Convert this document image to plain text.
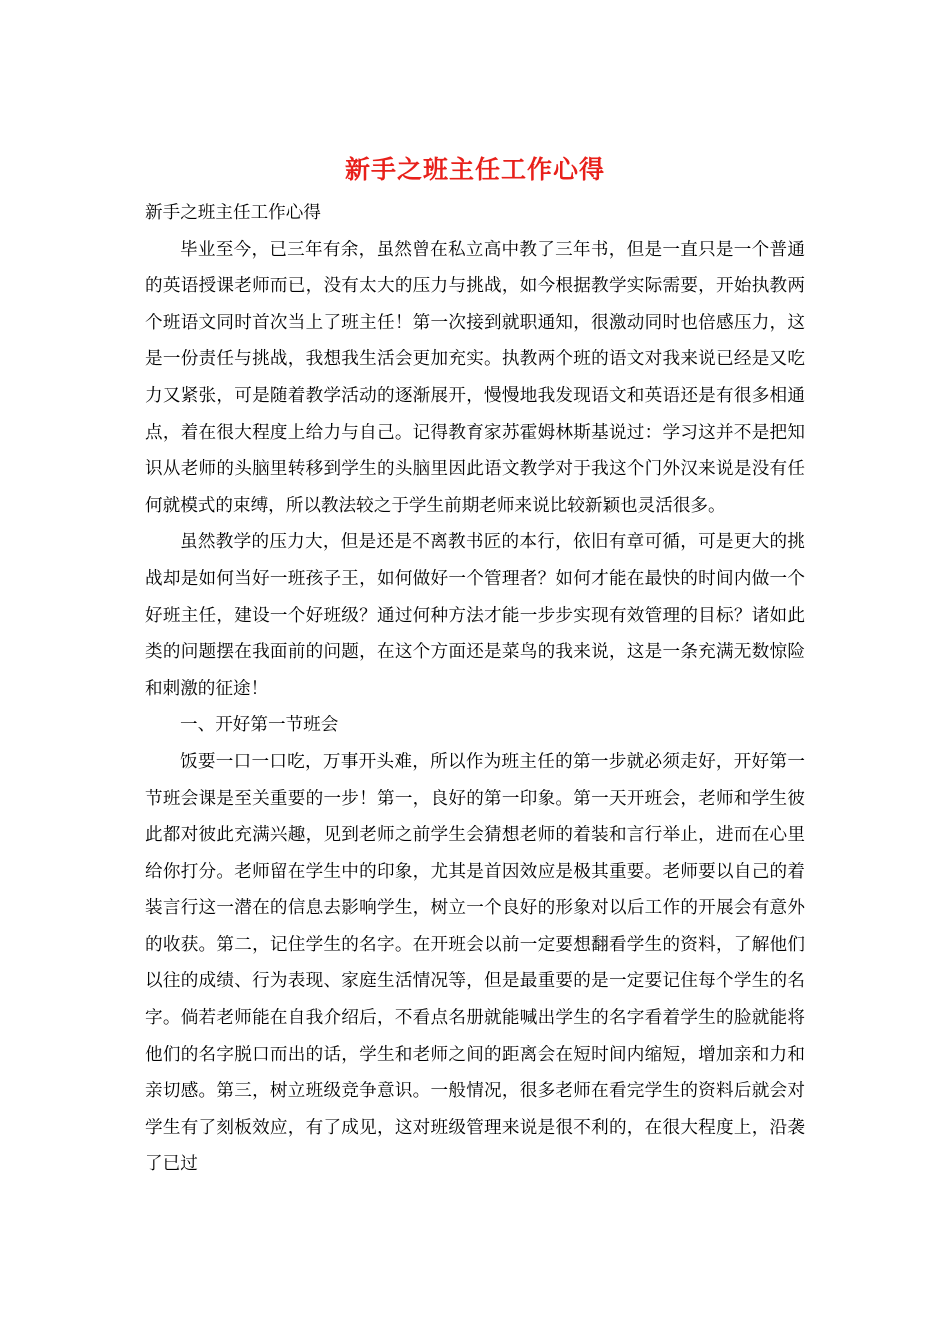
新手之班主任工作心得

新手之班主任工作心得

毕业至今，已三年有余，虽然曾在私立高中教了三年书，但是一直只是一个普通的英语授课老师而已，没有太大的压力与挑战，如今根据教学实际需要，开始执教两个班语文同时首次当上了班主任！第一次接到就职通知，很激动同时也倍感压力，这是一份责任与挑战，我想我生活会更加充实。执教两个班的语文对我来说已经是又吃力又紧张，可是随着教学活动的逐渐展开，慢慢地我发现语文和英语还是有很多相通点，着在很大程度上给力与自己。记得教育家苏霍姆林斯基说过：学习这并不是把知识从老师的头脑里转移到学生的头脑里因此语文教学对于我这个门外汉来说是没有任何就模式的束缚，所以教法较之于学生前期老师来说比较新颖也灵活很多。

虽然教学的压力大，但是还是不离教书匠的本行，依旧有章可循，可是更大的挑战却是如何当好一班孩子王，如何做好一个管理者？如何才能在最快的时间内做一个好班主任，建设一个好班级？通过何种方法才能一步步实现有效管理的目标？诸如此类的问题摆在我面前的问题，在这个方面还是菜鸟的我来说，这是一条充满无数惊险和刺激的征途！

一、开好第一节班会

饭要一口一口吃，万事开头难，所以作为班主任的第一步就必须走好，开好第一节班会课是至关重要的一步！第一，良好的第一印象。第一天开班会，老师和学生彼此都对彼此充满兴趣，见到老师之前学生会猜想老师的着装和言行举止，进而在心里给你打分。老师留在学生中的印象，尤其是首因效应是极其重要。老师要以自己的着装言行这一潜在的信息去影响学生，树立一个良好的形象对以后工作的开展会有意外的收获。第二，记住学生的名字。在开班会以前一定要想翻看学生的资料，了解他们以往的成绩、行为表现、家庭生活情况等，但是最重要的是一定要记住每个学生的名字。倘若老师能在自我介绍后，不看点名册就能喊出学生的名字看着学生的脸就能将他们的名字脱口而出的话，学生和老师之间的距离会在短时间内缩短，增加亲和力和亲切感。第三，树立班级竞争意识。一般情况，很多老师在看完学生的资料后就会对学生有了刻板效应，有了成见，这对班级管理来说是很不利的，在很大程度上，沿袭了已过
